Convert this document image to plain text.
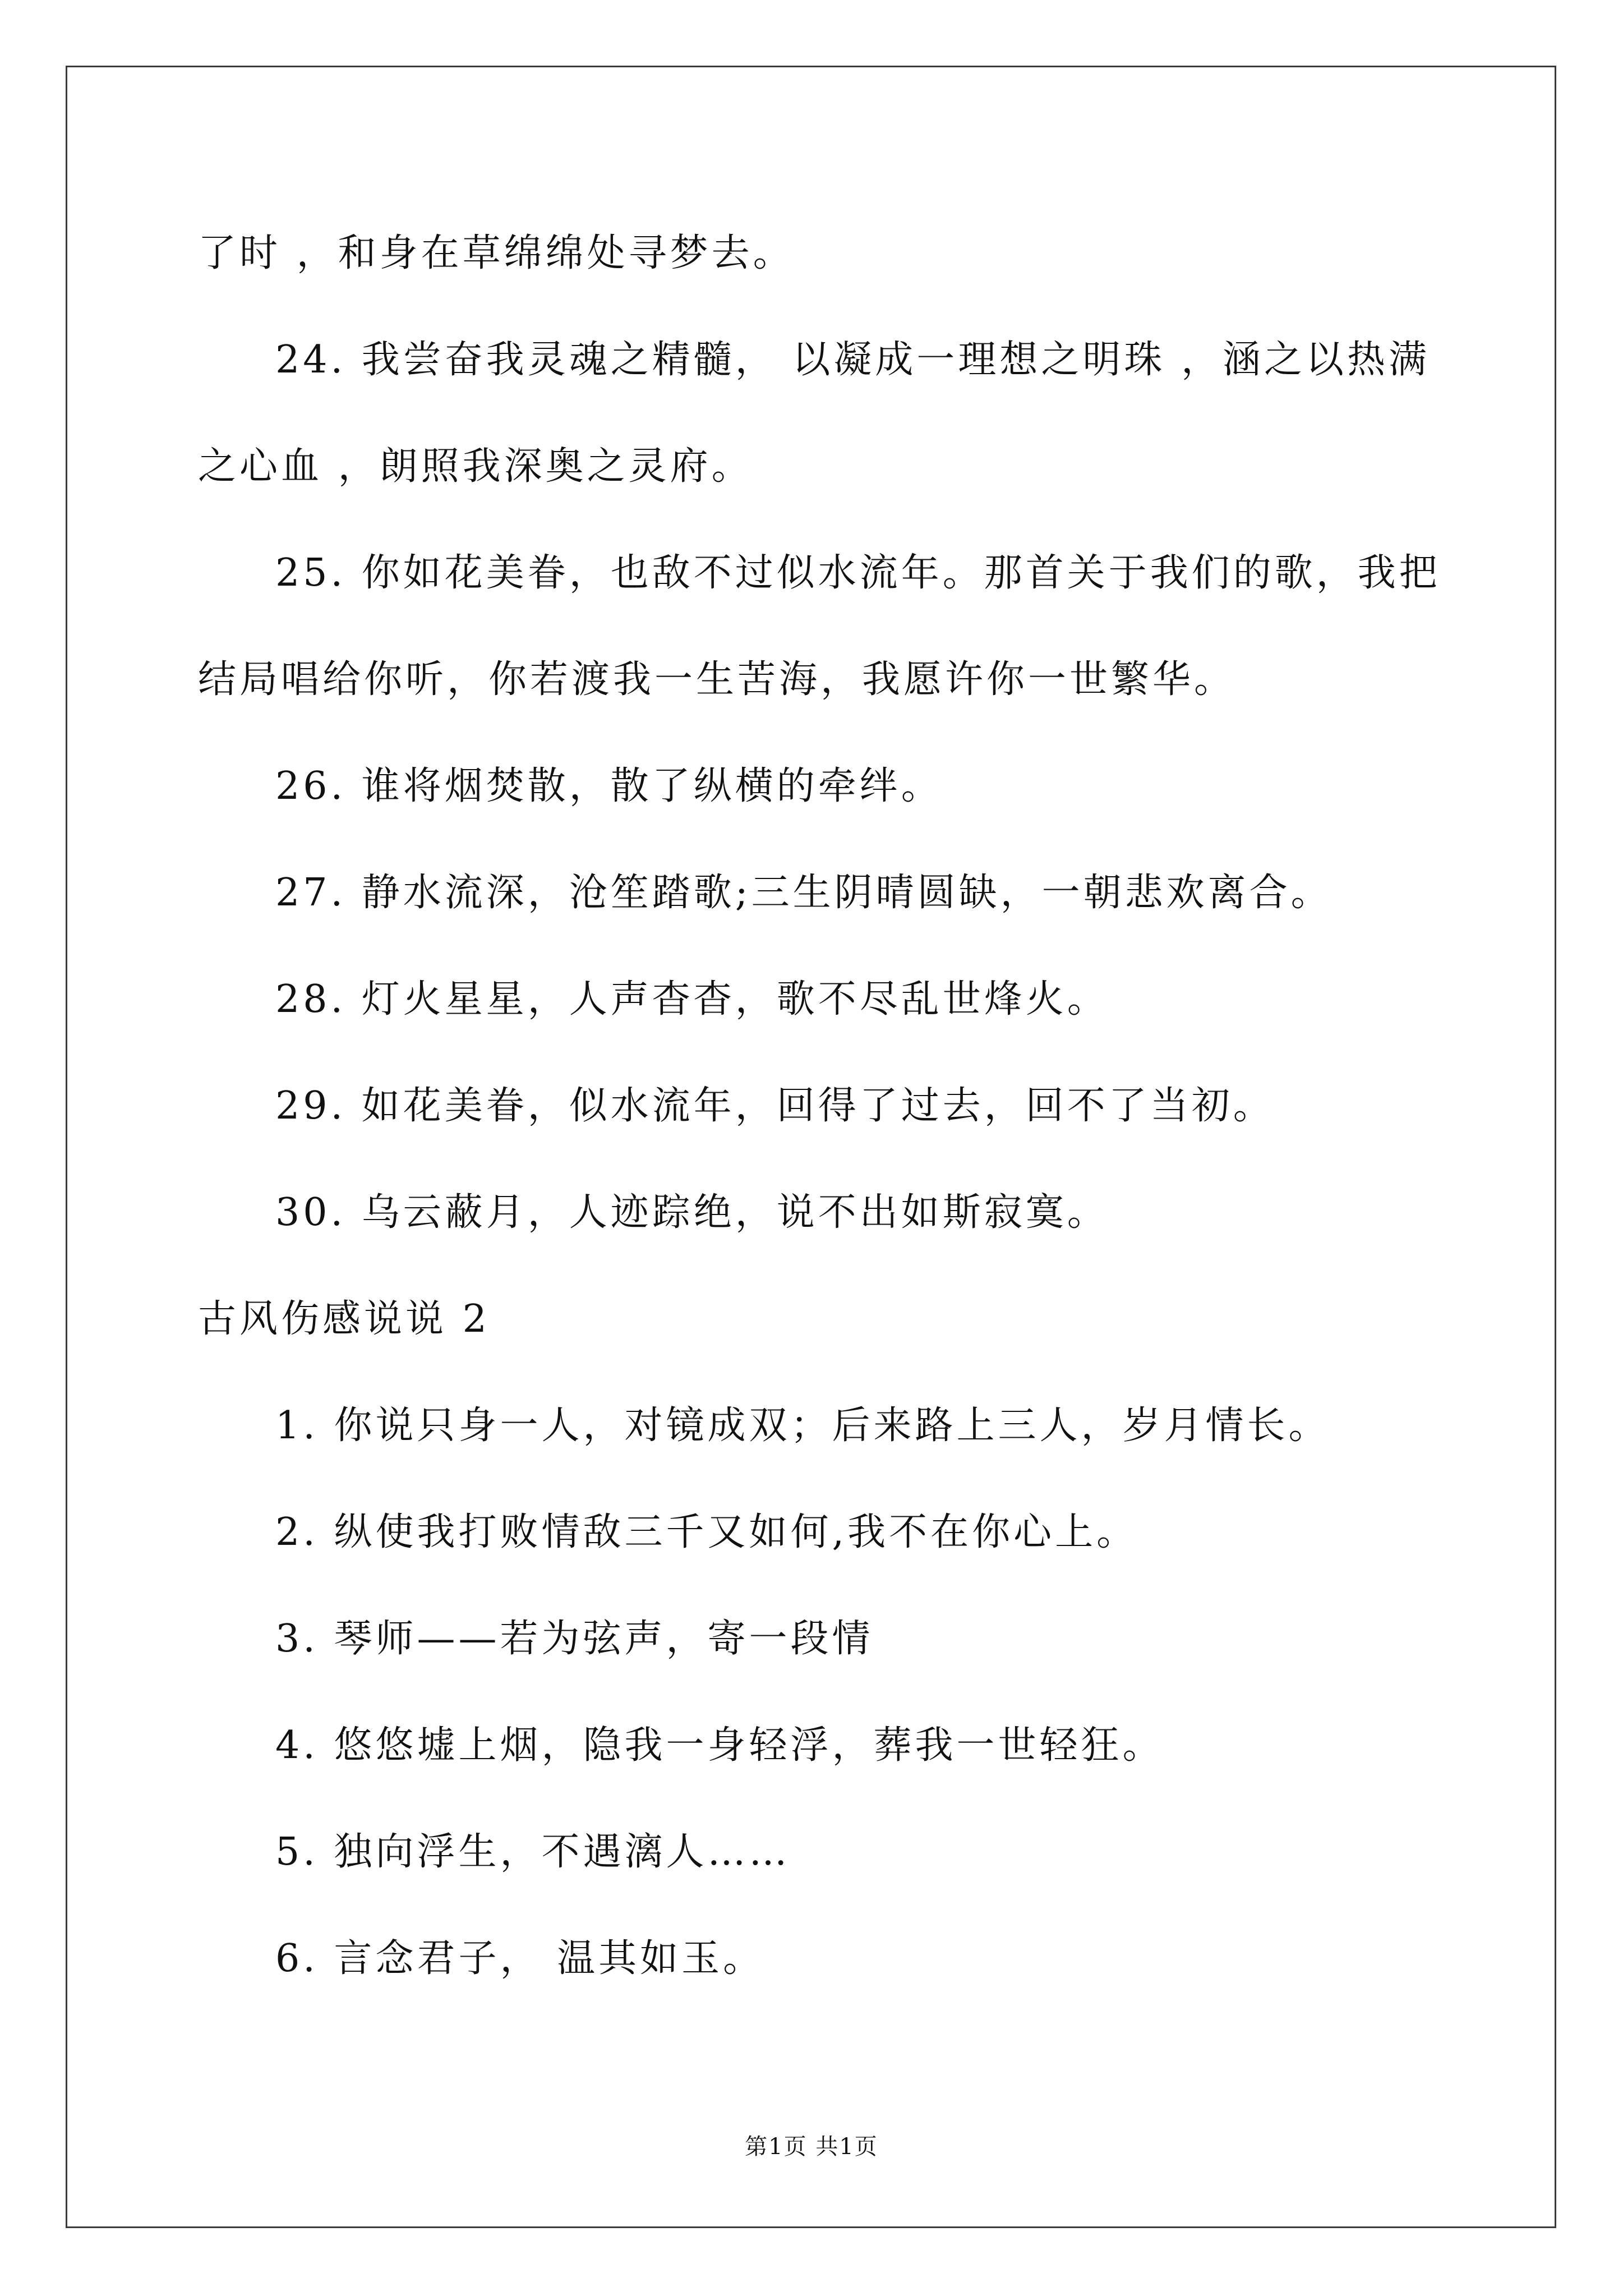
了时 ，和身在草绵绵处寻梦去。
24. 我尝奋我灵魂之精髓， 以凝成一理想之明珠 ，涵之以热满
之心血 ，朗照我深奥之灵府。
25. 你如花美眷，也敌不过似水流年。那首关于我们的歌，我把
结局唱给你听，你若渡我一生苦海，我愿许你一世繁华。
26. 谁将烟焚散，散了纵横的牵绊。
27. 静水流深，沧笙踏歌;三生阴晴圆缺，一朝悲欢离合。
28. 灯火星星，人声杳杳，歌不尽乱世烽火。
29. 如花美眷，似水流年，回得了过去，回不了当初。
30. 乌云蔽月，人迹踪绝，说不出如斯寂寞。
古风伤感说说 2
1. 你说只身一人，对镜成双；后来路上三人，岁月情长。
2. 纵使我打败情敌三千又如何,我不在你心上。
3. 琴师——若为弦声，寄一段情
4. 悠悠墟上烟，隐我一身轻浮，葬我一世轻狂。
5. 独向浮生，不遇漓人……
6. 言念君子， 温其如玉。
第1页 共1页
